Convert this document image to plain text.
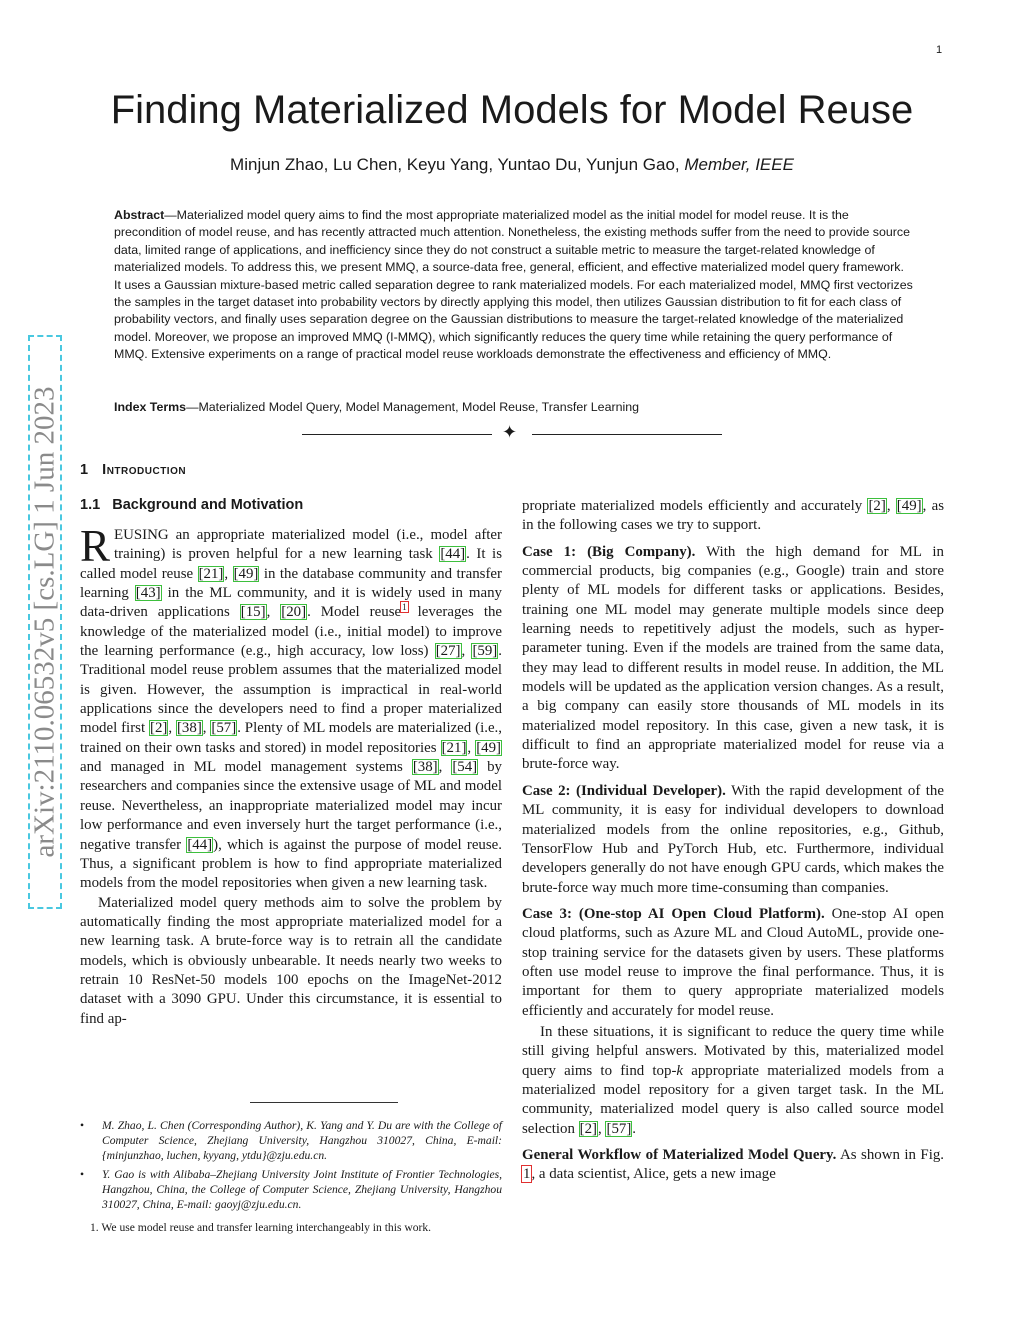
1
arXiv:2110.06532v5 [cs.LG] 1 Jun 2023
Finding Materialized Models for Model Reuse
Minjun Zhao, Lu Chen, Keyu Yang, Yuntao Du, Yunjun Gao, Member, IEEE
Abstract—Materialized model query aims to find the most appropriate materialized model as the initial model for model reuse. It is the precondition of model reuse, and has recently attracted much attention. Nonetheless, the existing methods suffer from the need to provide source data, limited range of applications, and inefficiency since they do not construct a suitable metric to measure the target-related knowledge of materialized models. To address this, we present MMQ, a source-data free, general, efficient, and effective materialized model query framework. It uses a Gaussian mixture-based metric called separation degree to rank materialized models. For each materialized model, MMQ first vectorizes the samples in the target dataset into probability vectors by directly applying this model, then utilizes Gaussian distribution to fit for each class of probability vectors, and finally uses separation degree on the Gaussian distributions to measure the target-related knowledge of the materialized model. Moreover, we propose an improved MMQ (I-MMQ), which significantly reduces the query time while retaining the query performance of MMQ. Extensive experiments on a range of practical model reuse workloads demonstrate the effectiveness and efficiency of MMQ.
Index Terms—Materialized Model Query, Model Management, Model Reuse, Transfer Learning
✦
1 Introduction
1.1 Background and Motivation

REUSING an appropriate materialized model (i.e., model after training) is proven helpful for a new learning task [44]. It is called model reuse [21], [49] in the database community and transfer learning [43] in the ML community, and it is widely used in many data-driven applications [15], [20]. Model reuse$^1$ leverages the knowledge of the materialized model (i.e., initial model) to improve the learning performance (e.g., high accuracy, low loss) [27], [59]. Traditional model reuse problem assumes that the materialized model is given. However, the assumption is impractical in real-world applications since the developers need to find a proper materialized model first [2], [38], [57]. Plenty of ML models are materialized (i.e., trained on their own tasks and stored) in model repositories [21], [49] and managed in ML model management systems [38], [54] by researchers and companies since the extensive usage of ML and model reuse. Nevertheless, an inappropriate materialized model may incur low performance and even inversely hurt the target performance (i.e., negative transfer [44]), which is against the purpose of model reuse. Thus, a significant problem is how to find appropriate materialized models from the model repositories when given a new learning task.

Materialized model query methods aim to solve the problem by automatically finding the most appropriate materialized model for a new learning task. A brute-force way is to retrain all the candidate models, which is obviously unbearable. It needs nearly two weeks to retrain 10 ResNet-50 models 100 epochs on the ImageNet-2012 dataset with a 3090 GPU. Under this circumstance, it is essential to find ap-

• M. Zhao, L. Chen (Corresponding Author), K. Yang and Y. Du are with the College of Computer Science, Zhejiang University, Hangzhou 310027, China, E-mail:{minjunzhao, luchen, kyyang, ytdu}@zju.edu.cn.
• Y. Gao is with Alibaba–Zhejiang University Joint Institute of Frontier Technologies, Hangzhou, China, the College of Computer Science, Zhejiang University, Hangzhou 310027, China, E-mail: gaoyj@zju.edu.cn.
1. We use model reuse and transfer learning interchangeably in this work.

propriate materialized models efficiently and accurately [2], [49], as in the following cases we try to support.

Case 1: (Big Company). With the high demand for ML in commercial products, big companies (e.g., Google) train and store plenty of ML models for different tasks or applications. Besides, training one ML model may generate multiple models since deep learning needs to repetitively adjust the models, such as hyper-parameter tuning. Even if the models are trained from the same data, they may lead to different results in model reuse. In addition, the ML models will be updated as the application version changes. As a result, a big company can easily store thousands of ML models in its materialized model repository. In this case, given a new task, it is difficult to find an appropriate materialized model for reuse via a brute-force way.

Case 2: (Individual Developer). With the rapid development of the ML community, it is easy for individual developers to download materialized models from the online repositories, e.g., Github, TensorFlow Hub and PyTorch Hub, etc. Furthermore, individual developers generally do not have enough GPU cards, which makes the brute-force way much more time-consuming than companies.

Case 3: (One-stop AI Open Cloud Platform). One-stop AI open cloud platforms, such as Azure ML and Cloud AutoML, provide one-stop training service for the datasets given by users. These platforms often use model reuse to improve the final performance. Thus, it is important for them to query appropriate materialized models efficiently and accurately for model reuse.

In these situations, it is significant to reduce the query time while still giving helpful answers. Motivated by this, materialized model query aims to find top-k appropriate materialized models from a materialized model repository for a given target task. In the ML community, materialized model query is also called source model selection [2], [57].

General Workflow of Materialized Model Query. As shown in Fig. 1, a data scientist, Alice, gets a new image
